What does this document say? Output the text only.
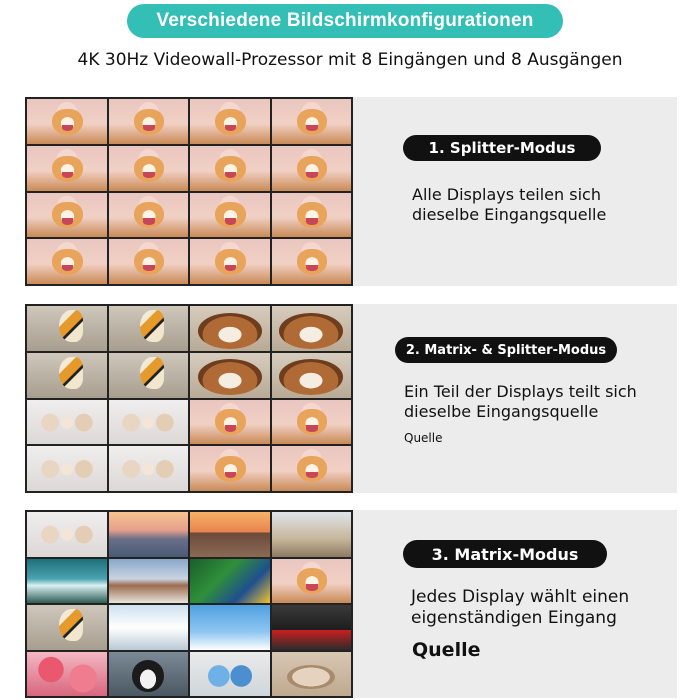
Verschiedene Bildschirmkonfigurationen
4K 30Hz Videowall-Prozessor mit 8 Eingängen und 8 Ausgängen
1. Splitter-Modus
Alle Displays teilen sich
dieselbe Eingangsquelle
2. Matrix- & Splitter-Modus
Ein Teil der Displays teilt sich
dieselbe Eingangsquelle
Quelle
3. Matrix-Modus
Jedes Display wählt einen
eigenständigen Eingang
Quelle
